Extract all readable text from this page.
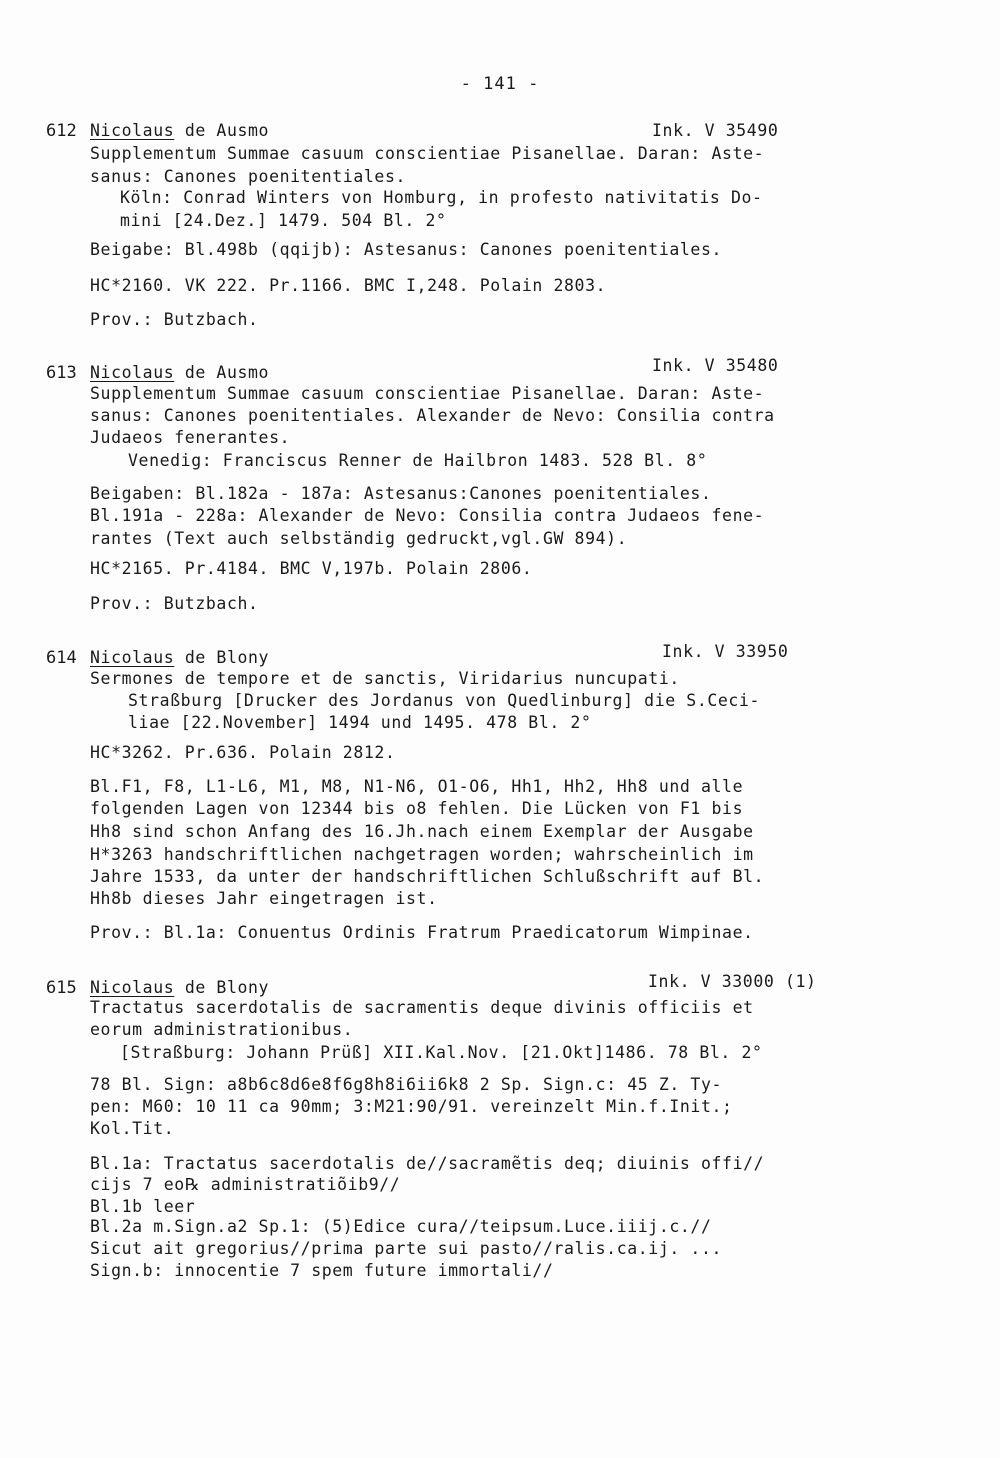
- 141 -
612 Nicolaus de Ausmo	Ink. V 35490
Supplementum Summae casuum conscientiae Pisanellae. Daran: Aste-
sanus: Canones poenitentiales.
Köln: Conrad Winters von Homburg, in profesto nativitatis Do-
mini [24.Dez.] 1479. 504 Bl. 2°
Beigabe: Bl.498b (qqijb): Astesanus: Canones poenitentiales.
HC*2160. VK 222. Pr.1166. BMC I,248. Polain 2803.
Prov.: Butzbach.
613 Nicolaus de Ausmo	Ink. V 35480
Supplementum Summae casuum conscientiae Pisanellae. Daran: Aste-
sanus: Canones poenitentiales. Alexander de Nevo: Consilia contra
Judaeos fenerantes.
Venedig: Franciscus Renner de Hailbron 1483. 528 Bl. 8°
Beigaben: Bl.182a - 187a: Astesanus:Canones poenitentiales.
Bl.191a - 228a: Alexander de Nevo: Consilia contra Judaeos fene-
rantes (Text auch selbständig gedruckt,vgl.GW 894).
HC*2165. Pr.4184. BMC V,197b. Polain 2806.
Prov.: Butzbach.
614 Nicolaus de Blony	Ink. V 33950
Sermones de tempore et de sanctis, Viridarius nuncupati.
Straßburg [Drucker des Jordanus von Quedlinburg] die S.Ceci-
liae [22.November] 1494 und 1495. 478 Bl. 2°
HC*3262. Pr.636. Polain 2812.
Bl.F1, F8, L1-L6, M1, M8, N1-N6, O1-O6, Hh1, Hh2, Hh8 und alle
folgenden Lagen von 12344 bis o8 fehlen. Die Lücken von F1 bis
Hh8 sind schon Anfang des 16.Jh.nach einem Exemplar der Ausgabe
H*3263 handschriftlichen nachgetragen worden; wahrscheinlich im
Jahre 1533, da unter der handschriftlichen Schlußschrift auf Bl.
Hh8b dieses Jahr eingetragen ist.
Prov.: Bl.1a: Conuentus Ordinis Fratrum Praedicatorum Wimpinae.
615 Nicolaus de Blony	Ink. V 33000 (1)
Tractatus sacerdotalis de sacramentis deque divinis officiis et
eorum administrationibus.
[Straßburg: Johann Prüß] XII.Kal.Nov. [21.Okt]1486. 78 Bl. 2°
78 Bl. Sign: a8b6c8d6e8f6g8h8i6ii6k8 2 Sp. Sign.c: 45 Z. Ty-
pen: M60: 10 11 ca 90mm; 3:M21:90/91. vereinzelt Min.f.Init.;
Kol.Tit.
Bl.1a: Tractatus sacerdotalis de//sacramẽtis deq; diuinis offi//
cijs 7 eo℞ administratiõib9//
Bl.1b leer
Bl.2a m.Sign.a2 Sp.1: (5)Edice cura//teipsum.Luce.iiij.c.//
Sicut ait gregorius//prima parte sui pasto//ralis.ca.ij. ...
Sign.b: innocentie 7 spem future immortali//
